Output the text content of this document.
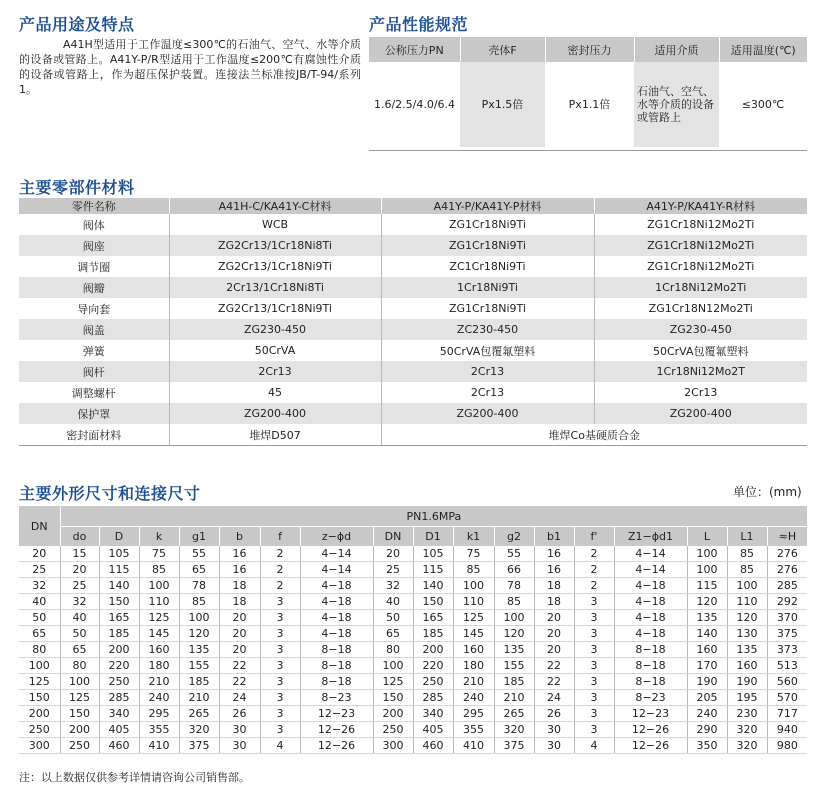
产品用途及特点

A41H型适用于工作温度≤300℃的石油气、空气、水等介质的设备或管路上。A41Y-P/R型适用于工作温度≤200℃有腐蚀性介质的设备或管路上，作为超压保护装置。连接法兰标准按JB/T-94/系列1。

产品性能规范
公称压力PN	壳体F	密封压力	适用介质	适用温度(℃)
1.6/2.5/4.0/6.4	Px1.5倍	Px1.1倍	石油气、空气、水等介质的设备或管路上	≤300℃
主要零部件材料
零件名称	A41H-C/KA41Y-C材料	A41Y-P/KA41Y-P材料	A41Y-P/KA41Y-R材料
阀体	WCB	ZG1Cr18Ni9Ti	ZG1Cr18Ni12Mo2Ti
阀座	ZG2Cr13/1Cr18Ni8Ti	ZG1Cr18Ni9Ti	ZG1Cr18Ni12Mo2Ti
调节圈	ZG2Cr13/1Cr18Ni9Ti	ZC1Cr18Ni9Ti	ZG1Cr18Ni12Mo2Ti
阀瓣	2Cr13/1Cr18Ni8Ti	1Cr18Ni9Ti	1Cr18Ni12Mo2Ti
导向套	ZG2Cr13/1Cr18Ni9Ti	ZG1Cr18Ni9Ti	ZG1Cr18N12Mo2Ti
阀盖	ZG230-450	ZC230-450	ZG230-450
弹簧	50CrVA	50CrVA包覆氟塑料	50CrVA包覆氟塑料
阀杆	2Cr13	2Cr13	1Cr18Ni12Mo2T
调整螺杆	45	2Cr13	2Cr13
保护罩	ZG200-400	ZG200-400	ZG200-400
密封面材料	堆焊D507	堆焊Co基硬质合金	
主要外形尺寸和连接尺寸	单位：(mm)
DN	PN1.6MPa																
	do	D	k	g1	b	f	z−ϕd	DN	D1	k1	g2	b1	f'	Z1−ϕd1	L	L1	≈H
20	15	105	75	55	16	2	4−14	20	105	75	55	16	2	4−14	100	85	276
25	20	115	85	65	16	2	4−14	25	115	85	66	16	2	4−14	100	85	276
32	25	140	100	78	18	2	4−18	32	140	100	78	18	2	4−18	115	100	285
40	32	150	110	85	18	3	4−18	40	150	110	85	18	3	4−18	120	110	292
50	40	165	125	100	20	3	4−18	50	165	125	100	20	3	4−18	135	120	370
65	50	185	145	120	20	3	4−18	65	185	145	120	20	3	4−18	140	130	375
80	65	200	160	135	20	3	8−18	80	200	160	135	20	3	8−18	160	135	373
100	80	220	180	155	22	3	8−18	100	220	180	155	22	3	8−18	170	160	513
125	100	250	210	185	22	3	8−18	125	250	210	185	22	3	8−18	190	190	560
150	125	285	240	210	24	3	8−23	150	285	240	210	24	3	8−23	205	195	570
200	150	340	295	265	26	3	12−23	200	340	295	265	26	3	12−23	240	230	717
250	200	405	355	320	30	3	12−26	250	405	355	320	30	3	12−26	290	320	940
300	250	460	410	375	30	4	12−26	300	460	410	375	30	4	12−26	350	320	980
注：以上数据仅供参考详情请咨询公司销售部。
